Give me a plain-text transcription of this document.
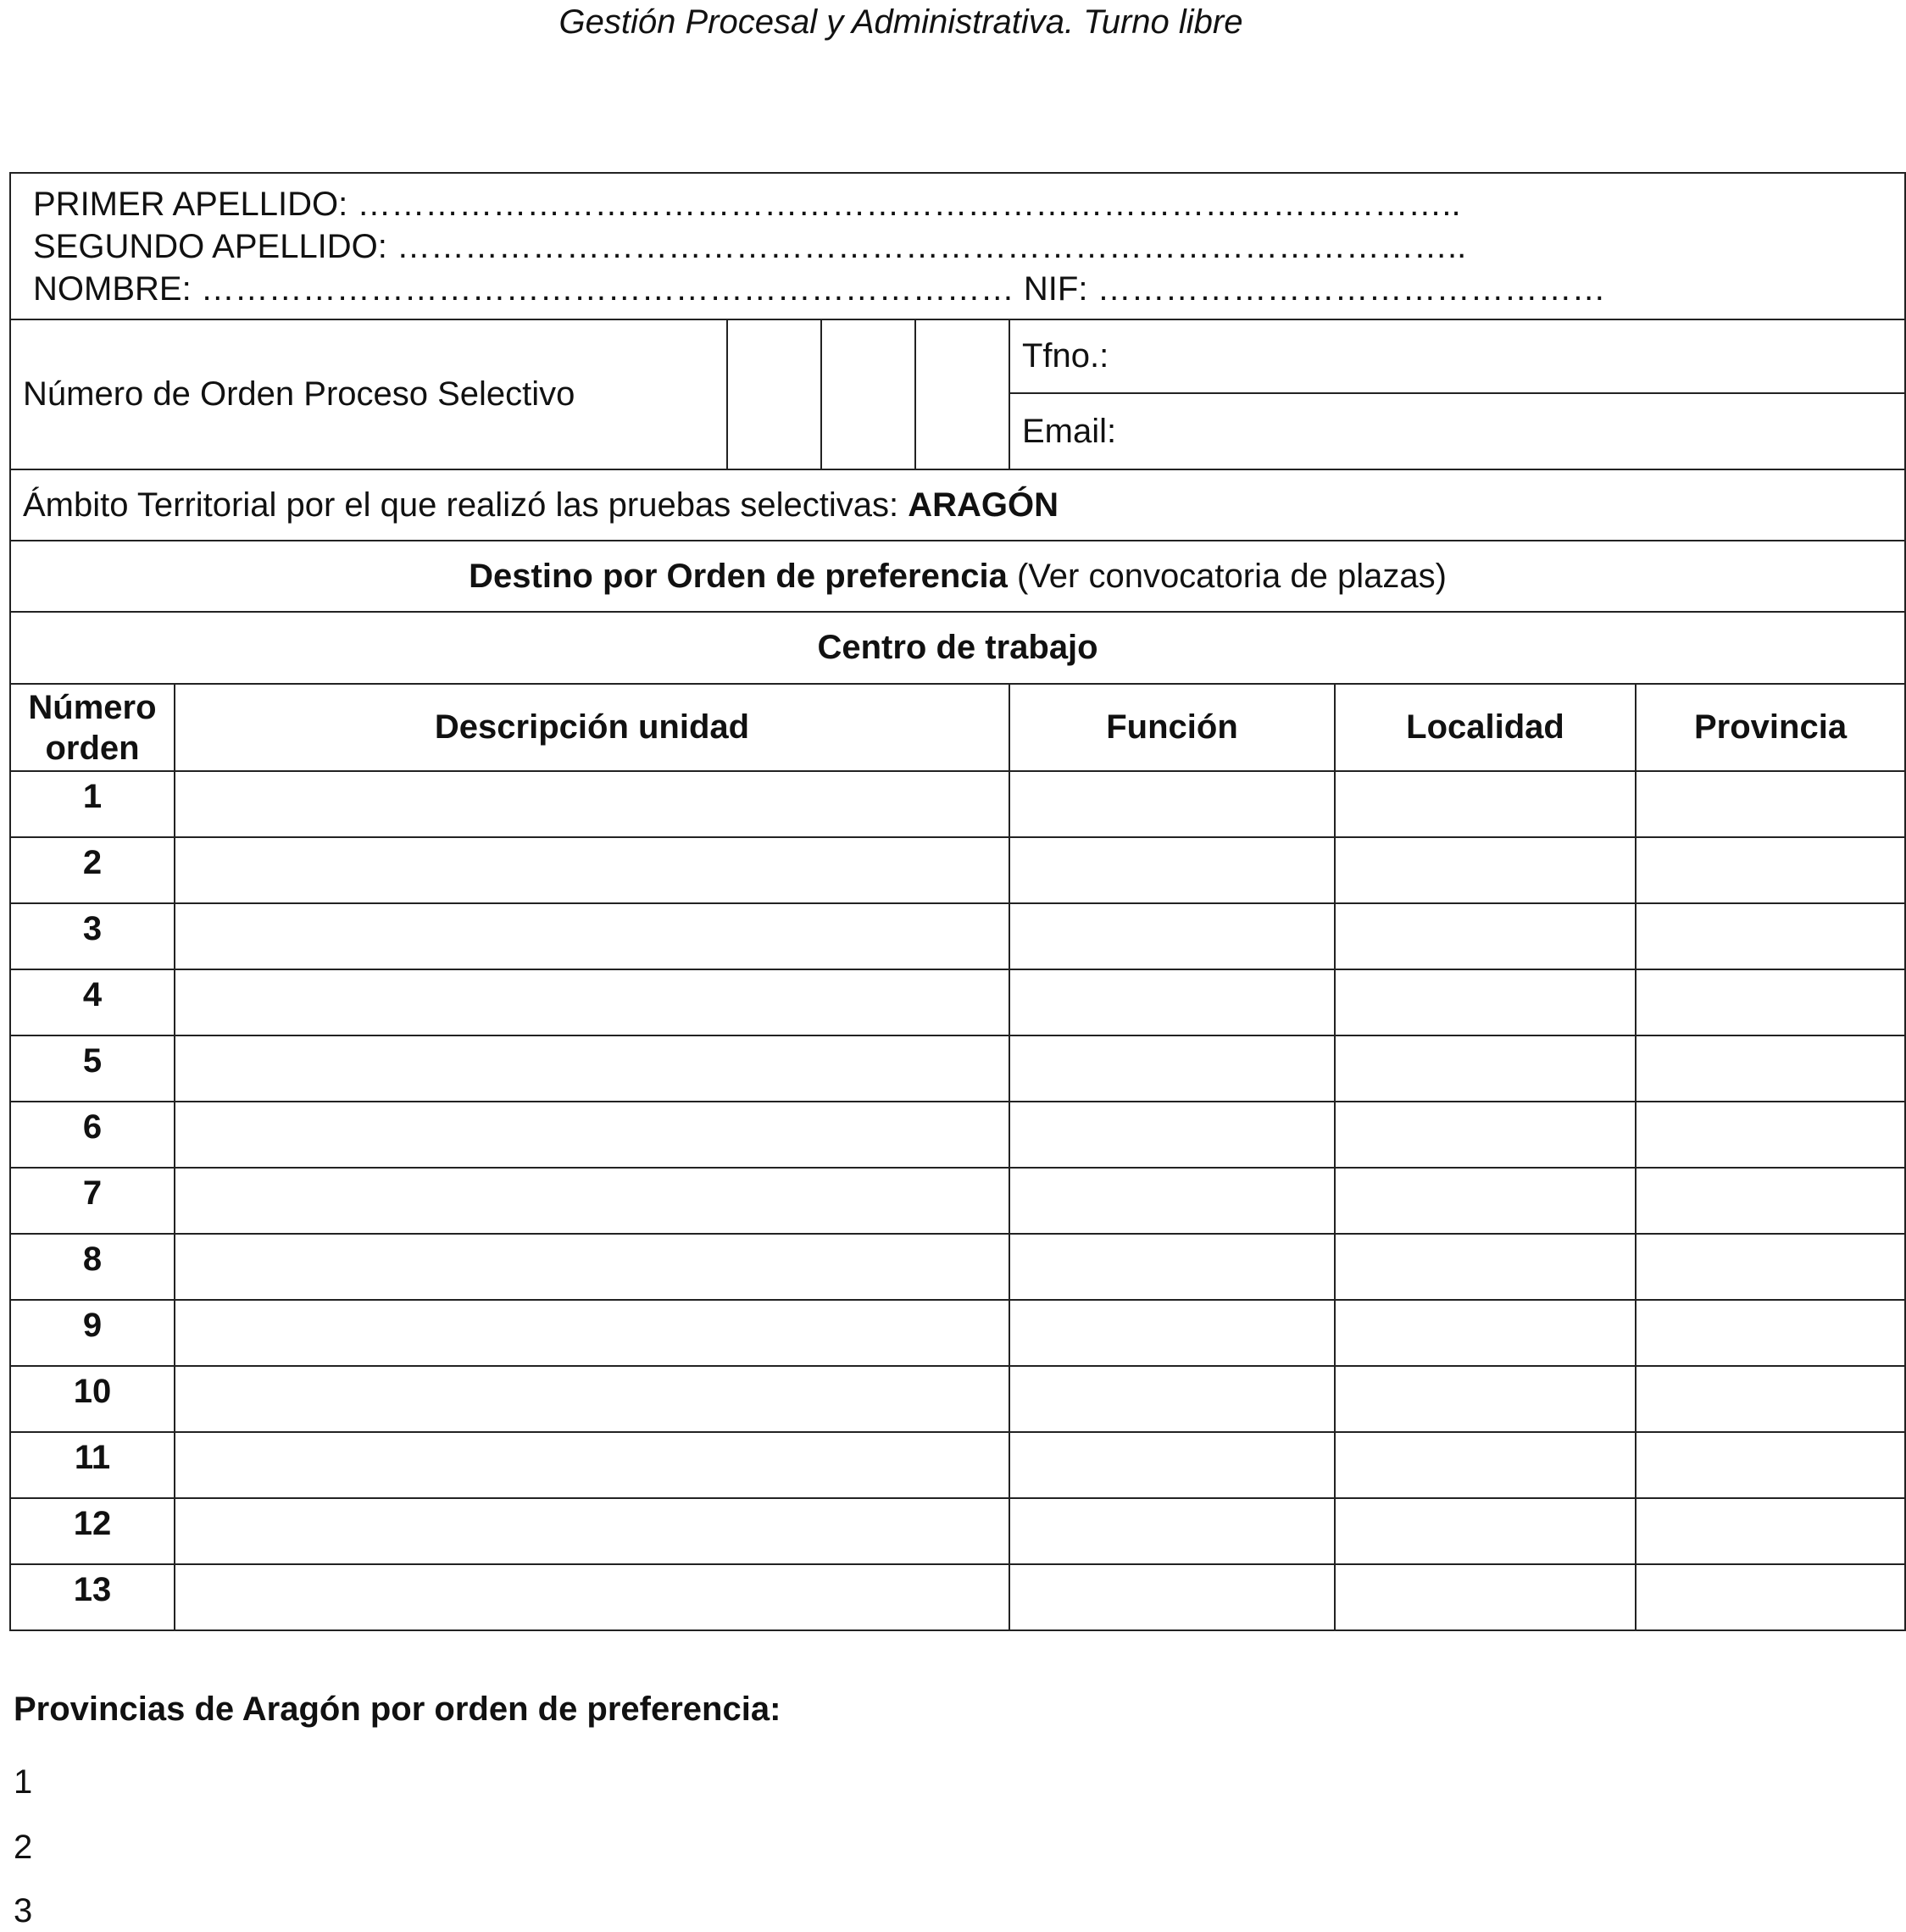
Gestión Procesal y Administrativa. Turno libre
PRIMER APELLIDO: ……………………………………………………………………………………..
SEGUNDO APELLIDO: …………………………………………………………………………………..
NOMBRE: ……………………………………………………………… NIF: ………………………………………							

Número de Orden Proceso Selectivo					Tfno.:		
					Email:		
Ámbito Territorial por el que realizó las pruebas selectivas: ARAGÓN							
Destino por Orden de preferencia (Ver convocatoria de plazas)							
Centro de trabajo							
Número orden	Descripción unidad				Función	Localidad	Provincia
1							
2							
3							
4							
5							
6							
7							
8							
9							
10							
11							
12							
13							
Provincias de Aragón por orden de preferencia:
1
2
3
